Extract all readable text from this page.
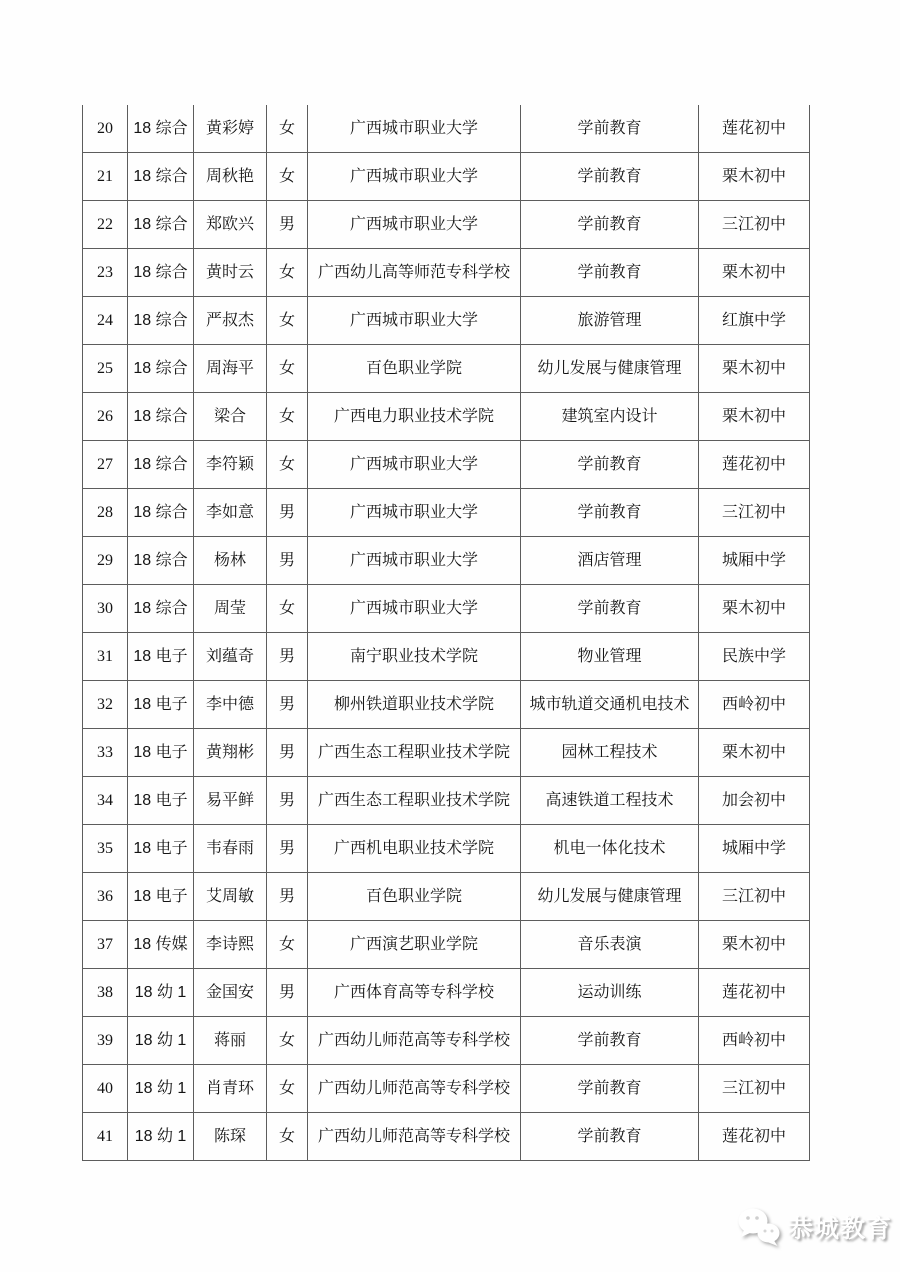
20	18 综合	黄彩婷	女	广西城市职业大学	学前教育	莲花初中
21	18 综合	周秋艳	女	广西城市职业大学	学前教育	栗木初中
22	18 综合	郑欧兴	男	广西城市职业大学	学前教育	三江初中
23	18 综合	黄时云	女	广西幼儿高等师范专科学校	学前教育	栗木初中
24	18 综合	严叔杰	女	广西城市职业大学	旅游管理	红旗中学
25	18 综合	周海平	女	百色职业学院	幼儿发展与健康管理	栗木初中
26	18 综合	梁合	女	广西电力职业技术学院	建筑室内设计	栗木初中
27	18 综合	李符颖	女	广西城市职业大学	学前教育	莲花初中
28	18 综合	李如意	男	广西城市职业大学	学前教育	三江初中
29	18 综合	杨林	男	广西城市职业大学	酒店管理	城厢中学
30	18 综合	周莹	女	广西城市职业大学	学前教育	栗木初中
31	18 电子	刘蕴奇	男	南宁职业技术学院	物业管理	民族中学
32	18 电子	李中德	男	柳州铁道职业技术学院	城市轨道交通机电技术	西岭初中
33	18 电子	黄翔彬	男	广西生态工程职业技术学院	园林工程技术	栗木初中
34	18 电子	易平鲜	男	广西生态工程职业技术学院	高速铁道工程技术	加会初中
35	18 电子	韦春雨	男	广西机电职业技术学院	机电一体化技术	城厢中学
36	18 电子	艾周敏	男	百色职业学院	幼儿发展与健康管理	三江初中
37	18 传媒	李诗熙	女	广西演艺职业学院	音乐表演	栗木初中
38	18 幼 1	金国安	男	广西体育高等专科学校	运动训练	莲花初中
39	18 幼 1	蒋丽	女	广西幼儿师范高等专科学校	学前教育	西岭初中
40	18 幼 1	肖青环	女	广西幼儿师范高等专科学校	学前教育	三江初中
41	18 幼 1	陈琛	女	广西幼儿师范高等专科学校	学前教育	莲花初中
恭城教育
